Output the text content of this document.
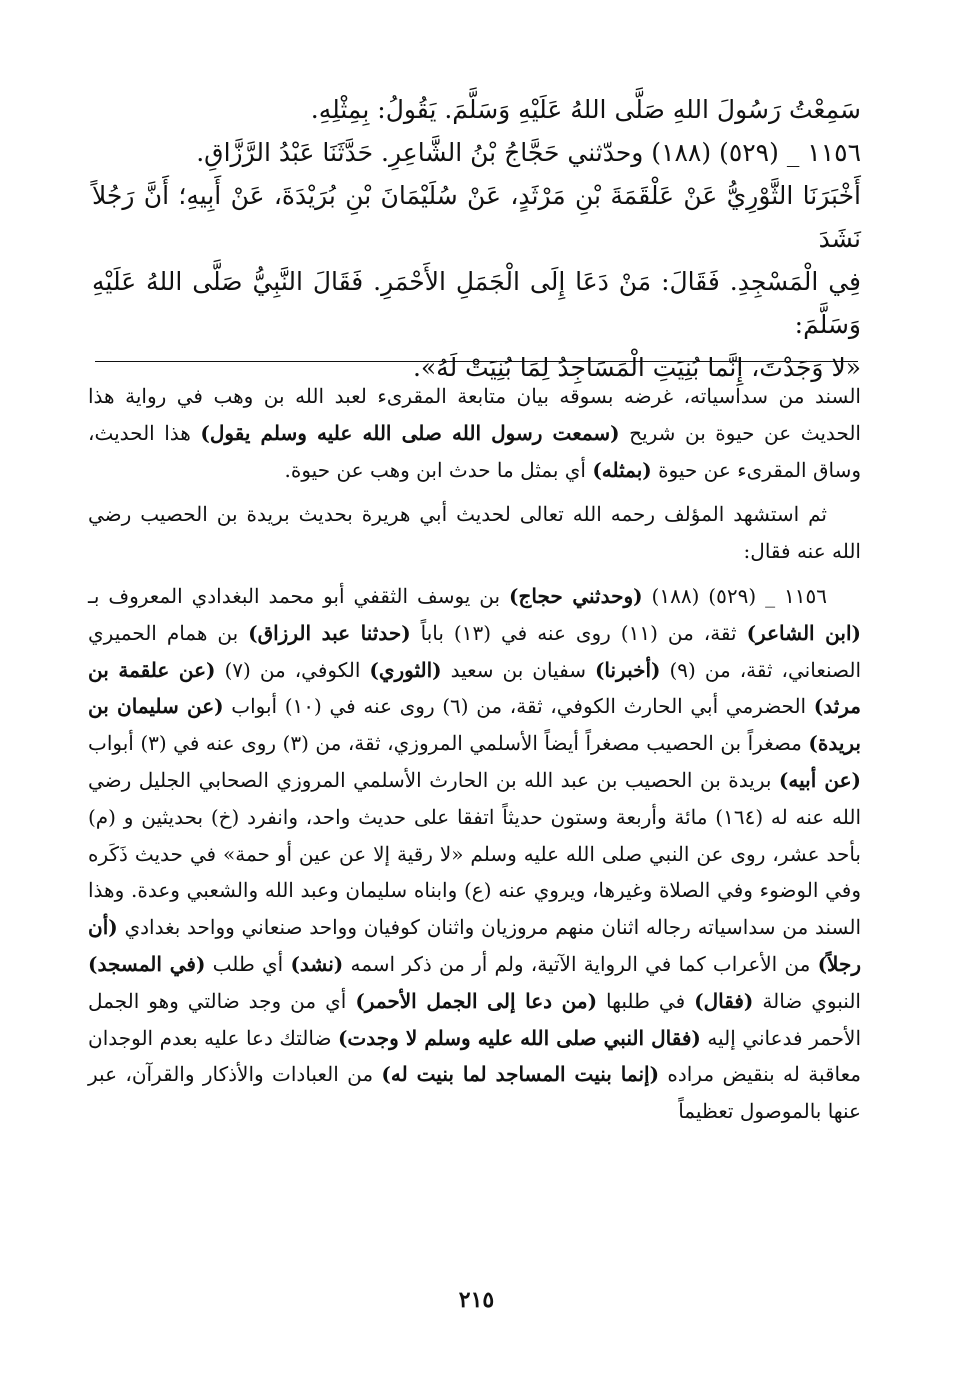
سَمِعْتُ رَسُولَ اللهِ صَلَّى اللهُ عَلَيْهِ وَسَلَّمَ. يَقُولُ: بِمِثْلِهِ.

١١٥٦ _ (٥٢٩) (١٨٨) وحدّثني حَجَّاجُ بْنُ الشَّاعِرِ. حَدَّثَنَا عَبْدُ الرَّزَّاقِ.

أَخْبَرَنَا الثَّوْرِيُّ عَنْ عَلْقَمَةَ بْنِ مَرْثَدٍ، عَنْ سُلَيْمَانَ بْنِ بُرَيْدَةَ، عَنْ أَبِيهِ؛ أَنَّ رَجُلاً نَشَدَ

فِي الْمَسْجِدِ. فَقَالَ: مَنْ دَعَا إِلَى الْجَمَلِ الأَحْمَرِ. فَقَالَ النَّبِيُّ صَلَّى اللهُ عَلَيْهِ وَسَلَّمَ:

«لا وَجَدْتَ، إِنَّما بُنِيَتِ الْمَسَاجِدُ لِمَا بُنِيَتْ لَهُ».

السند من سداسياته، غرضه بسوقه بيان متابعة المقرىء لعبد الله بن وهب في رواية هذا الحديث عن حيوة بن شريح (سمعت رسول الله صلى الله عليه وسلم يقول) هذا الحديث، وساق المقرىء عن حيوة (بمثله) أي بمثل ما حدث ابن وهب عن حيوة.

ثم استشهد المؤلف رحمه الله تعالى لحديث أبي هريرة بحديث بريدة بن الحصيب رضي الله عنه فقال:

١١٥٦ _ (٥٢٩) (١٨٨) (وحدثني حجاج) بن يوسف الثقفي أبو محمد البغدادي المعروف بـ (ابن الشاعر) ثقة، من (١١) روى عنه في (١٣) باباً (حدثنا عبد الرزاق) بن همام الحميري الصنعاني، ثقة، من (٩) (أخبرنا) سفيان بن سعيد (الثوري) الكوفي، من (٧) (عن علقمة بن مرثد) الحضرمي أبي الحارث الكوفي، ثقة، من (٦) روى عنه في (١٠) أبواب (عن سليمان بن بريدة) مصغراً بن الحصيب مصغراً أيضاً الأسلمي المروزي، ثقة، من (٣) روى عنه في (٣) أبواب (عن أبيه) بريدة بن الحصيب بن عبد الله بن الحارث الأسلمي المروزي الصحابي الجليل رضي الله عنه له (١٦٤) مائة وأربعة وستون حديثاً اتفقا على حديث واحد، وانفرد (خ) بحديثين و (م) بأحد عشر، روى عن النبي صلى الله عليه وسلم «لا رقية إلا عن عين أو حمة» في حديث ذَكَره وفي الوضوء وفي الصلاة وغيرها، ويروي عنه (ع) وابناه سليمان وعبد الله والشعبي وعدة. وهذا السند من سداسياته رجاله اثنان منهم مروزيان واثنان كوفيان وواحد صنعاني وواحد بغدادي (أن رجلاً) من الأعراب كما في الرواية الآتية، ولم أر من ذكر اسمه (نشد) أي طلب (في المسجد) النبوي ضالة (فقال) في طلبها (من دعا إلى الجمل الأحمر) أي من وجد ضالتي وهو الجمل الأحمر فدعاني إليه (فقال النبي صلى الله عليه وسلم لا وجدت) ضالتك دعا عليه بعدم الوجدان معاقبة له بنقيض مراده (إنما بنيت المساجد لما بنيت له) من العبادات والأذكار والقرآن، عبر عنها بالموصول تعظيماً

٢١٥
